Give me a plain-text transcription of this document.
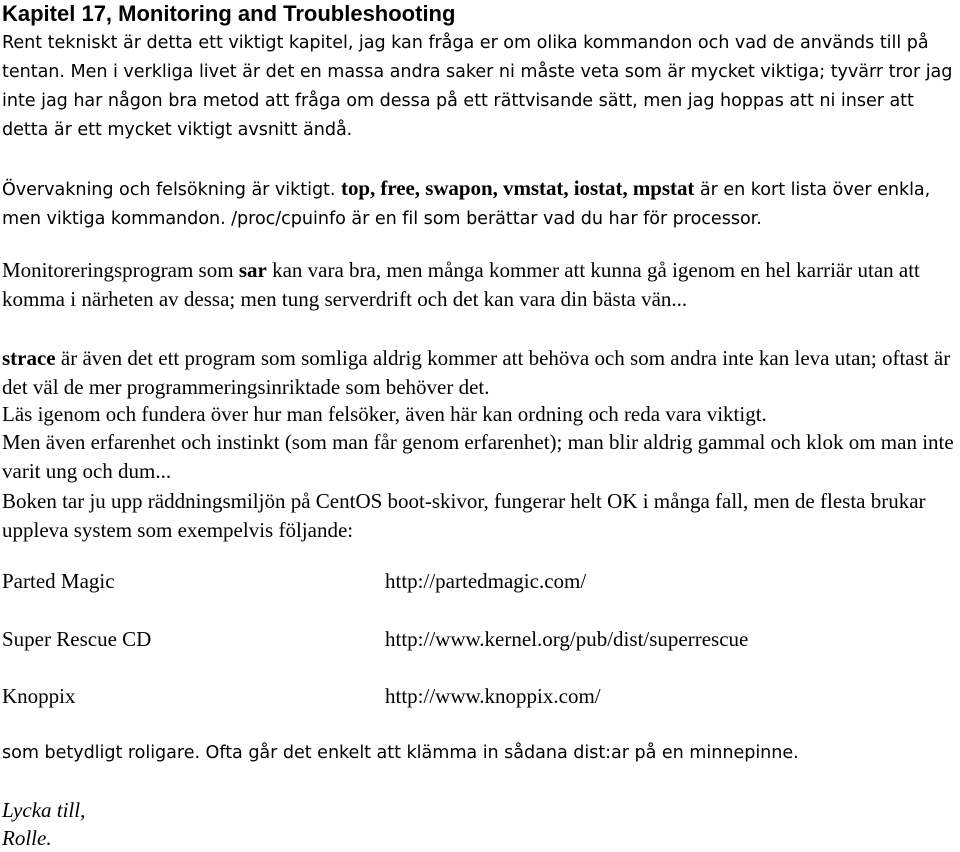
Kapitel 17, Monitoring and Troubleshooting

Rent tekniskt är detta ett viktigt kapitel, jag kan fråga er om olika kommandon och vad de används till på tentan. Men i verkliga livet är det en massa andra saker ni måste veta som är mycket viktiga; tyvärr tror jag inte jag har någon bra metod att fråga om dessa på ett rättvisande sätt, men jag hoppas att ni inser att detta är ett mycket viktigt avsnitt ändå.

Övervakning och felsökning är viktigt. top, free, swapon, vmstat, iostat, mpstat är en kort lista över enkla, men viktiga kommandon. /proc/cpuinfo är en fil som berättar vad du har för processor.

Monitoreringsprogram som sar kan vara bra, men många kommer att kunna gå igenom en hel karriär utan att komma i närheten av dessa; men tung serverdrift och det kan vara din bästa vän...

strace är även det ett program som somliga aldrig kommer att behöva och som andra inte kan leva utan; oftast är det väl de mer programmeringsinriktade som behöver det.

Läs igenom och fundera över hur man felsöker, även här kan ordning och reda vara viktigt.

Men även erfarenhet och instinkt (som man får genom erfarenhet); man blir aldrig gammal och klok om man inte varit ung och dum...

Boken tar ju upp räddningsmiljön på CentOS boot-skivor, fungerar helt OK i många fall, men de flesta brukar uppleva system som exempelvis följande:

Parted Magic	http://partedmagic.com/
Super Rescue CD	http://www.kernel.org/pub/dist/superrescue
Knoppix	http://www.knoppix.com/

som betydligt roligare. Ofta går det enkelt att klämma in sådana dist:ar på en minnepinne.

Lycka till,
Rolle.
